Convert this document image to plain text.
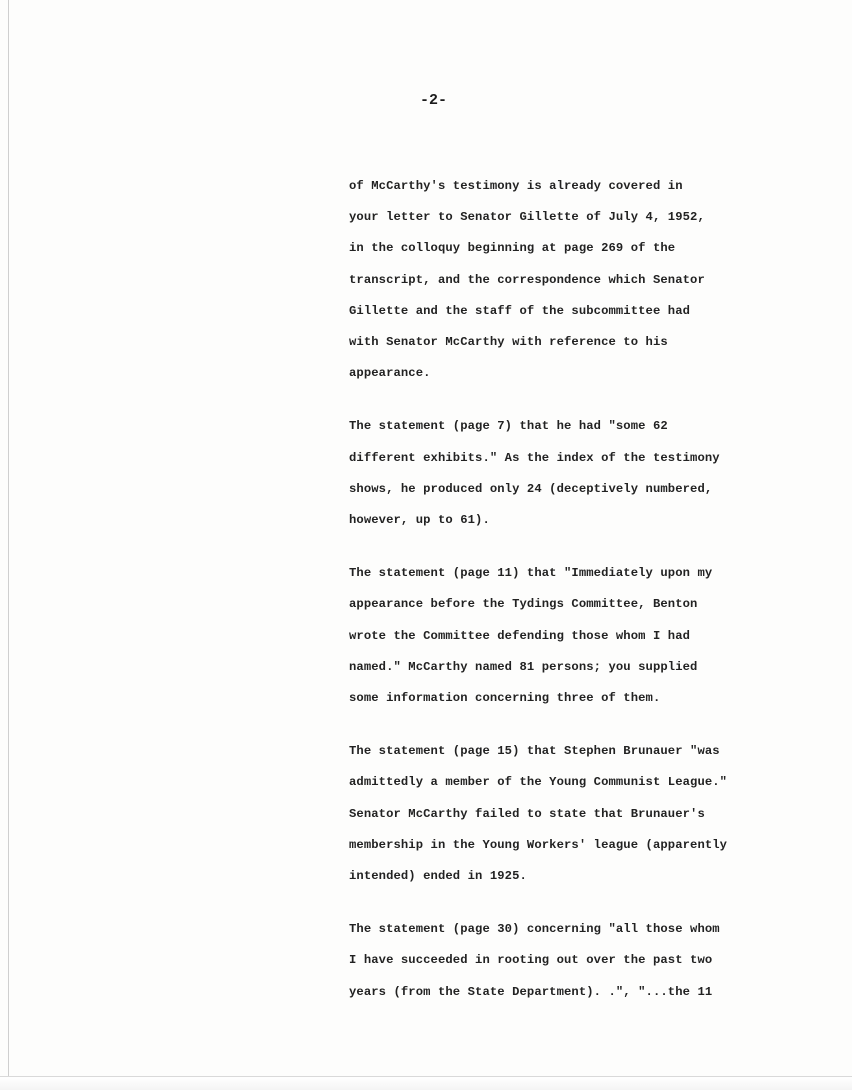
-2-
of McCarthy's testimony is already covered in
your letter to Senator Gillette of July 4, 1952,
in the colloquy beginning at page 269 of the
transcript, and the correspondence which Senator
Gillette and the staff of the subcommittee had
with Senator McCarthy with reference to his
appearance.
The statement (page 7) that he had "some 62
different exhibits." As the index of the testimony
shows, he produced only 24 (deceptively numbered,
however, up to 61).
The statement (page 11) that "Immediately upon my
appearance before the Tydings Committee, Benton
wrote the Committee defending those whom I had
named." McCarthy named 81 persons; you supplied
some information concerning three of them.
The statement (page 15) that Stephen Brunauer "was
admittedly a member of the Young Communist League."
Senator McCarthy failed to state that Brunauer's
membership in the Young Workers' league (apparently
intended) ended in 1925.
The statement (page 30) concerning "all those whom
I have succeeded in rooting out over the past two
years (from the State Department). .", "...the 11
